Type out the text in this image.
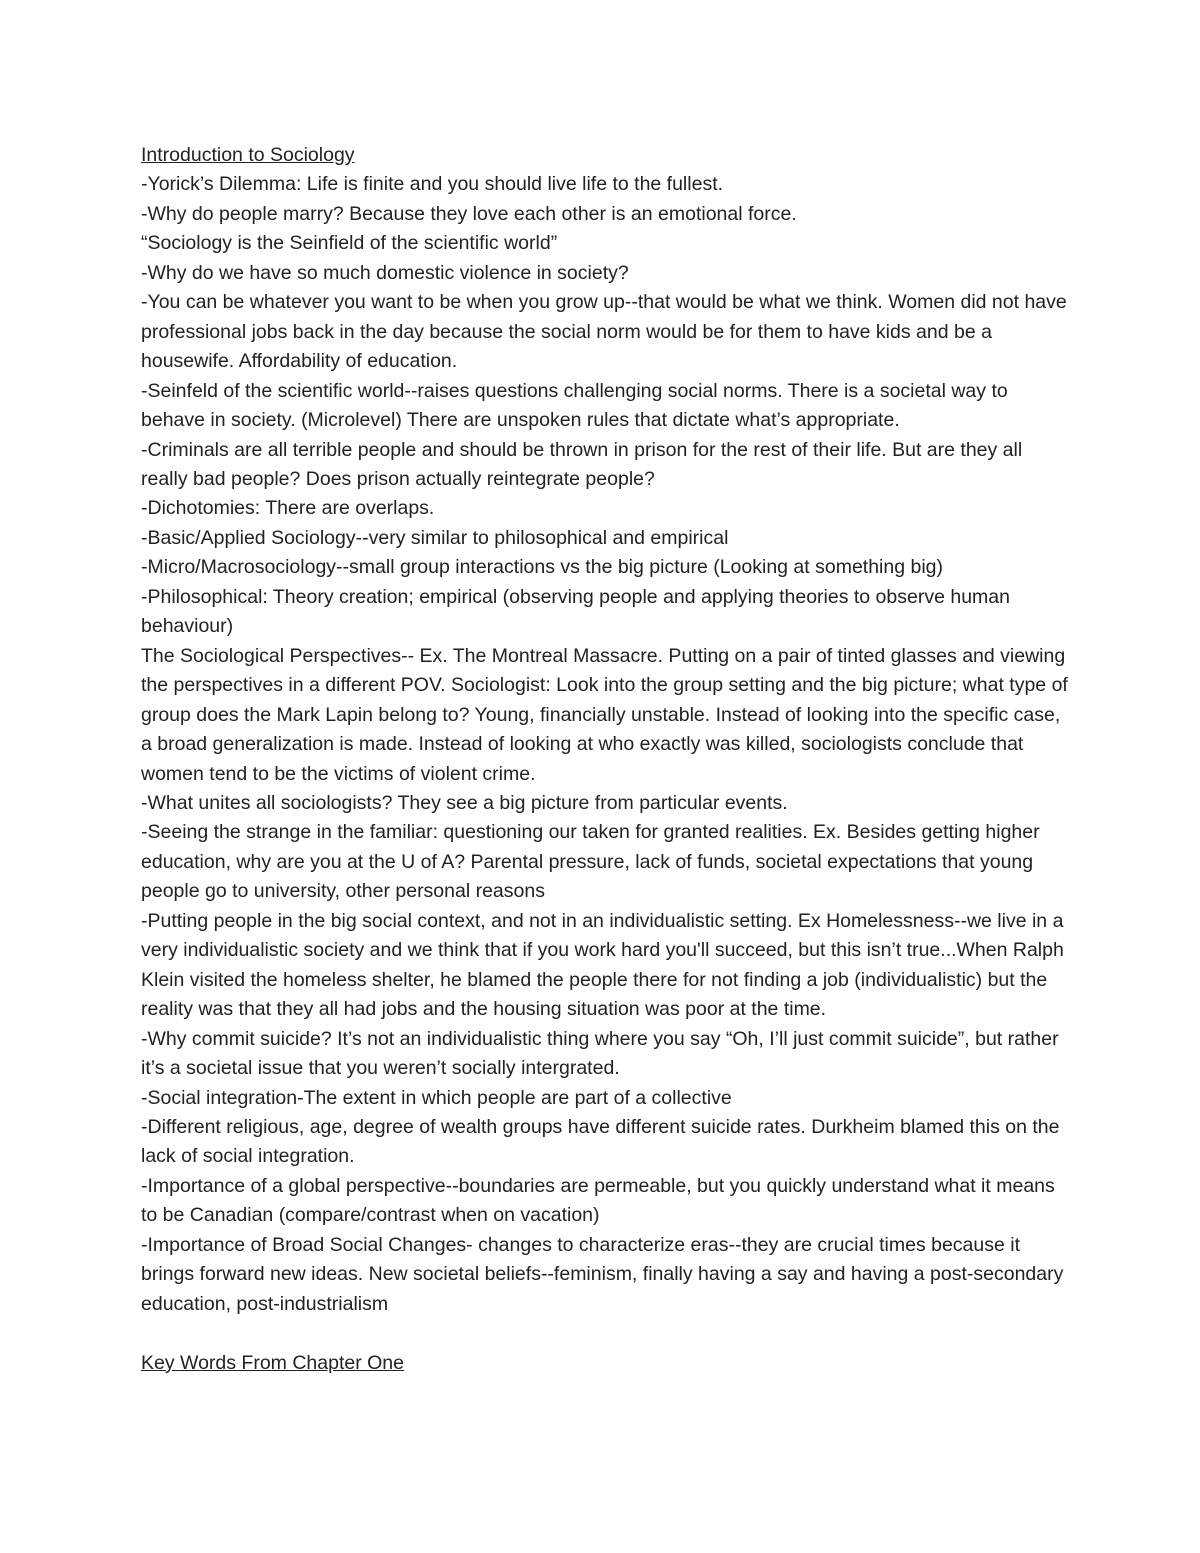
Introduction to Sociology

-Yorick’s Dilemma: Life is finite and you should live life to the fullest.

-Why do people marry? Because they love each other is an emotional force.

“Sociology is the Seinfield of the scientific world”

-Why do we have so much domestic violence in society?

-You can be whatever you want to be when you grow up--that would be what we think. Women did not have professional jobs back in the day because the social norm would be for them to have kids and be a housewife. Affordability of education.

-Seinfeld of the scientific world--raises questions challenging social norms. There is a societal way to behave in society. (Microlevel) There are unspoken rules that dictate what’s appropriate.

-Criminals are all terrible people and should be thrown in prison for the rest of their life. But are they all really bad people? Does prison actually reintegrate people?

-Dichotomies: There are overlaps.

-Basic/Applied Sociology--very similar to philosophical and empirical

-Micro/Macrosociology--small group interactions vs the big picture (Looking at something big)

-Philosophical: Theory creation; empirical (observing people and applying theories to observe human behaviour)

The Sociological Perspectives-- Ex. The Montreal Massacre. Putting on a pair of tinted glasses and viewing the perspectives in a different POV. Sociologist: Look into the group setting and the big picture; what type of group does the Mark Lapin belong to? Young, financially unstable. Instead of looking into the specific case, a broad generalization is made. Instead of looking at who exactly was killed, sociologists conclude that women tend to be the victims of violent crime.

-What unites all sociologists? They see a big picture from particular events.

-Seeing the strange in the familiar: questioning our taken for granted realities. Ex. Besides getting higher education, why are you at the U of A? Parental pressure, lack of funds, societal expectations that young people go to university, other personal reasons

-Putting people in the big social context, and not in an individualistic setting. Ex Homelessness--we live in a very individualistic society and we think that if you work hard you'll succeed, but this isn’t true...When Ralph Klein visited the homeless shelter, he blamed the people there for not finding a job (individualistic) but the reality was that they all had jobs and the housing situation was poor at the time.

-Why commit suicide? It’s not an individualistic thing where you say “Oh, I’ll just commit suicide”, but rather it’s a societal issue that you weren’t socially intergrated.

-Social integration-The extent in which people are part of a collective

-Different religious, age, degree of wealth groups have different suicide rates. Durkheim blamed this on the lack of social integration.

-Importance of a global perspective--boundaries are permeable, but you quickly understand what it means to be Canadian (compare/contrast when on vacation)

-Importance of Broad Social Changes- changes to characterize eras--they are crucial times because it brings forward new ideas. New societal beliefs--feminism, finally having a say and having a post-secondary education, post-industrialism

Key Words From Chapter One
